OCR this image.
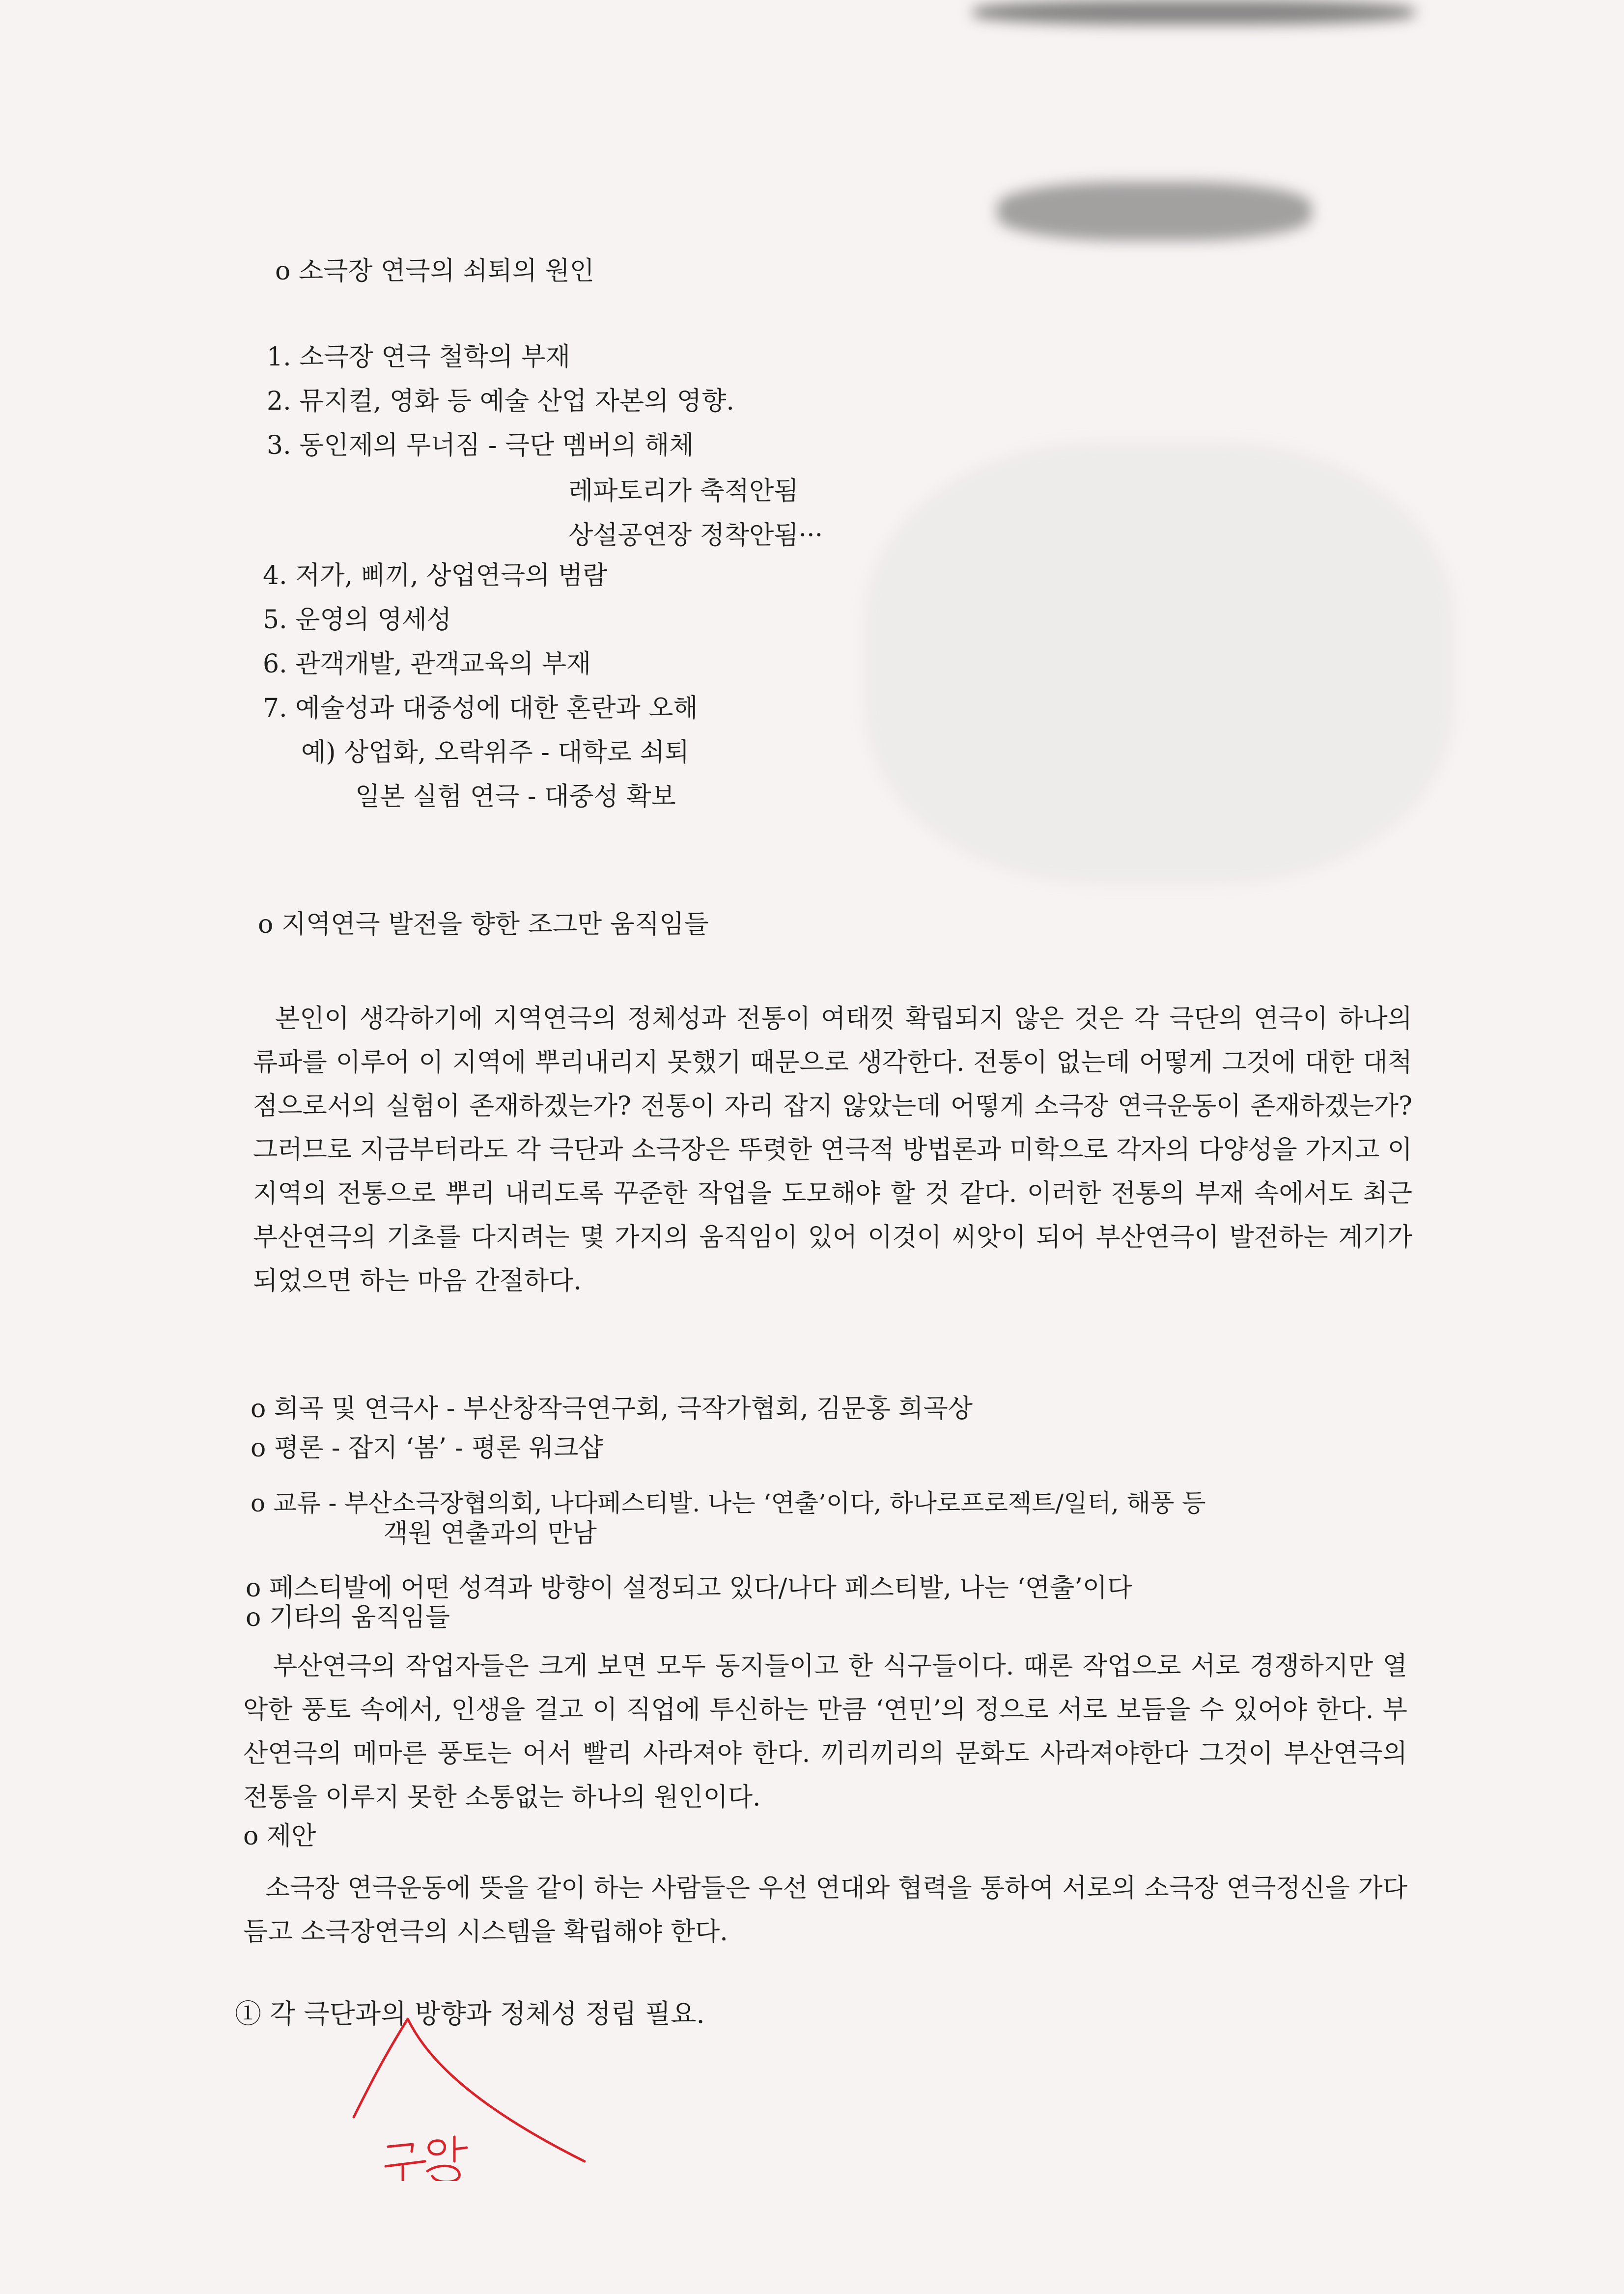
o 소극장 연극의 쇠퇴의 원인
1. 소극장 연극 철학의 부재
2. 뮤지컬, 영화 등 예술 산업 자본의 영향.
3. 동인제의 무너짐 - 극단 멤버의 해체
레파토리가 축적안됨
상설공연장 정착안됨···
4. 저가, 삐끼, 상업연극의 범람
5. 운영의 영세성
6. 관객개발, 관객교육의 부재
7. 예술성과 대중성에 대한 혼란과 오해
예) 상업화, 오락위주 - 대학로 쇠퇴
일본 실험 연극 - 대중성 확보
o 지역연극 발전을 향한 조그만 움직임들
본인이 생각하기에 지역연극의 정체성과 전통이 여태껏 확립되지 않은 것은 각 극단의 연극이 하나의 류파를 이루어 이 지역에 뿌리내리지 못했기 때문으로 생각한다. 전통이 없는데 어떻게 그것에 대한 대척점으로서의 실험이 존재하겠는가? 전통이 자리 잡지 않았는데 어떻게 소극장 연극운동이 존재하겠는가? 그러므로 지금부터라도 각 극단과 소극장은 뚜렷한 연극적 방법론과 미학으로 각자의 다양성을 가지고 이 지역의 전통으로 뿌리 내리도록 꾸준한 작업을 도모해야 할 것 같다. 이러한 전통의 부재 속에서도 최근 부산연극의 기초를 다지려는 몇 가지의 움직임이 있어 이것이 씨앗이 되어 부산연극이 발전하는 계기가 되었으면 하는 마음 간절하다.
o 희곡 및 연극사 - 부산창작극연구회, 극작가협회, 김문홍 희곡상
o 평론 - 잡지 ‘봄’ - 평론 워크샵
o 교류 - 부산소극장협의회, 나다페스티발. 나는 ‘연출’이다, 하나로프로젝트/일터, 해풍 등
객원 연출과의 만남
o 페스티발에 어떤 성격과 방향이 설정되고 있다/나다 페스티발, 나는 ‘연출’이다
o 기타의 움직임들
부산연극의 작업자들은 크게 보면 모두 동지들이고 한 식구들이다. 때론 작업으로 서로 경쟁하지만 열악한 풍토 속에서, 인생을 걸고 이 직업에 투신하는 만큼 ‘연민’의 정으로 서로 보듬을 수 있어야 한다. 부산연극의 메마른 풍토는 어서 빨리 사라져야 한다. 끼리끼리의 문화도 사라져야한다 그것이 부산연극의 전통을 이루지 못한 소통없는 하나의 원인이다.
o 제안
소극장 연극운동에 뜻을 같이 하는 사람들은 우선 연대와 협력을 통하여 서로의 소극장 연극정신을 가다듬고 소극장연극의 시스템을 확립해야 한다.
① 각 극단과의 방향과 정체성 정립 필요.
